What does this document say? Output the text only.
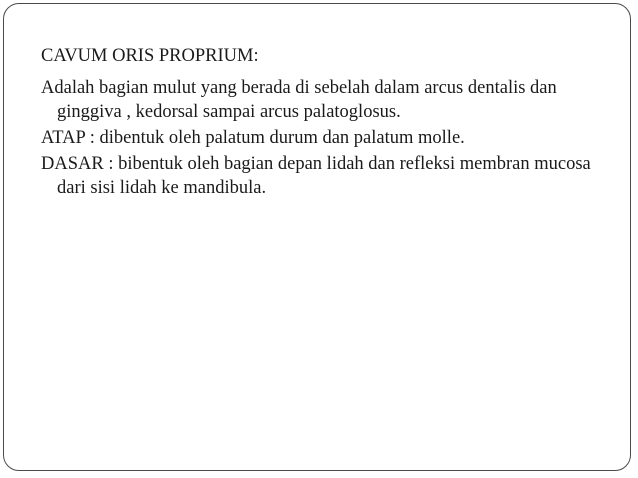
CAVUM ORIS PROPRIUM:

Adalah bagian mulut yang berada di sebelah dalam arcus dentalis dan ginggiva , kedorsal sampai arcus palatoglosus.

ATAP : dibentuk oleh palatum durum dan palatum molle.

DASAR : bibentuk oleh bagian depan lidah dan refleksi membran mucosa dari sisi lidah ke mandibula.
